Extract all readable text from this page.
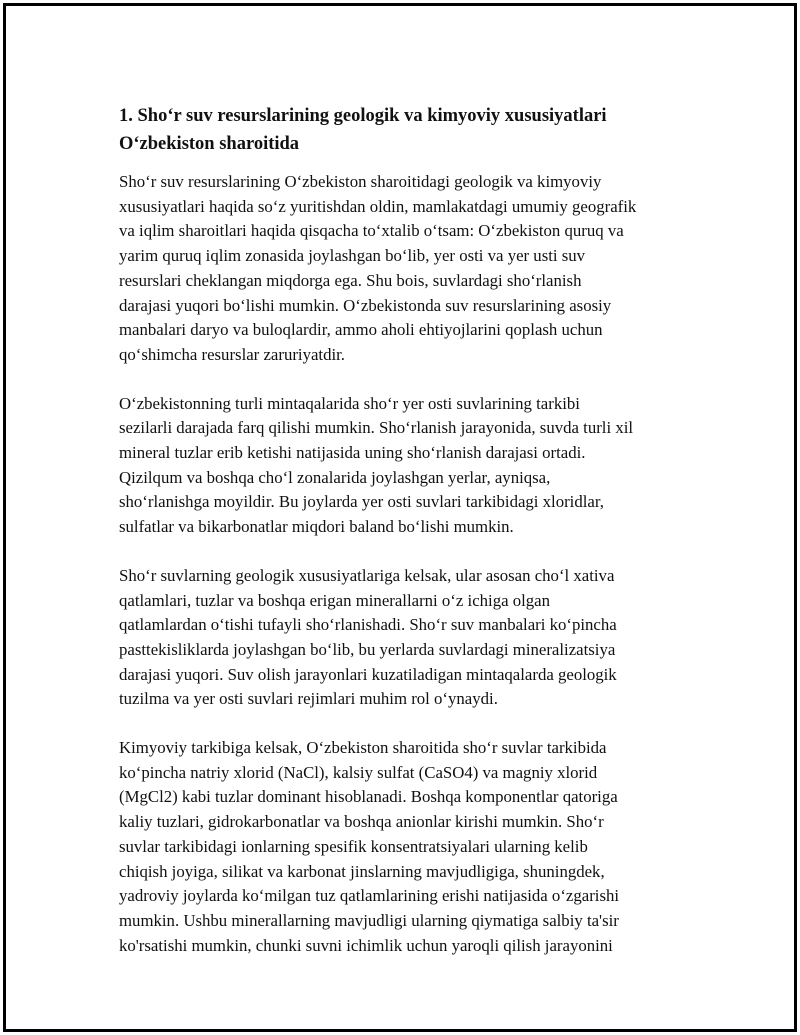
1. Sho‘r suv resurslarining geologik va kimyoviy xususiyatlari
O‘zbekiston sharoitida
Sho‘r suv resurslarining O‘zbekiston sharoitidagi geologik va kimyoviy
xususiyatlari haqida so‘z yuritishdan oldin, mamlakatdagi umumiy geografik
va iqlim sharoitlari haqida qisqacha to‘xtalib o‘tsam: O‘zbekiston quruq va
yarim quruq iqlim zonasida joylashgan bo‘lib, yer osti va yer usti suv
resurslari cheklangan miqdorga ega. Shu bois, suvlardagi sho‘rlanish
darajasi yuqori bo‘lishi mumkin. O‘zbekistonda suv resurslarining asosiy
manbalari daryo va buloqlardir, ammo aholi ehtiyojlarini qoplash uchun
qo‘shimcha resurslar zaruriyatdir.
O‘zbekistonning turli mintaqalarida sho‘r yer osti suvlarining tarkibi
sezilarli darajada farq qilishi mumkin. Sho‘rlanish jarayonida, suvda turli xil
mineral tuzlar erib ketishi natijasida uning sho‘rlanish darajasi ortadi.
Qizilqum va boshqa cho‘l zonalarida joylashgan yerlar, ayniqsa,
sho‘rlanishga moyildir. Bu joylarda yer osti suvlari tarkibidagi xloridlar,
sulfatlar va bikarbonatlar miqdori baland bo‘lishi mumkin.
Sho‘r suvlarning geologik xususiyatlariga kelsak, ular asosan cho‘l xativa
qatlamlari, tuzlar va boshqa erigan minerallarni o‘z ichiga olgan
qatlamlardan o‘tishi tufayli sho‘rlanishadi. Sho‘r suv manbalari ko‘pincha
pasttekisliklarda joylashgan bo‘lib, bu yerlarda suvlardagi mineralizatsiya
darajasi yuqori. Suv olish jarayonlari kuzatiladigan mintaqalarda geologik
tuzilma va yer osti suvlari rejimlari muhim rol o‘ynaydi.
Kimyoviy tarkibiga kelsak, O‘zbekiston sharoitida sho‘r suvlar tarkibida
ko‘pincha natriy xlorid (NaCl), kalsiy sulfat (CaSO4) va magniy xlorid
(MgCl2) kabi tuzlar dominant hisoblanadi. Boshqa komponentlar qatoriga
kaliy tuzlari, gidrokarbonatlar va boshqa anionlar kirishi mumkin. Sho‘r
suvlar tarkibidagi ionlarning spesifik konsentratsiyalari ularning kelib
chiqish joyiga, silikat va karbonat jinslarning mavjudligiga, shuningdek,
yadroviy joylarda ko‘milgan tuz qatlamlarining erishi natijasida o‘zgarishi
mumkin. Ushbu minerallarning mavjudligi ularning qiymatiga salbiy ta'sir
ko'rsatishi mumkin, chunki suvni ichimlik uchun yaroqli qilish jarayonini
